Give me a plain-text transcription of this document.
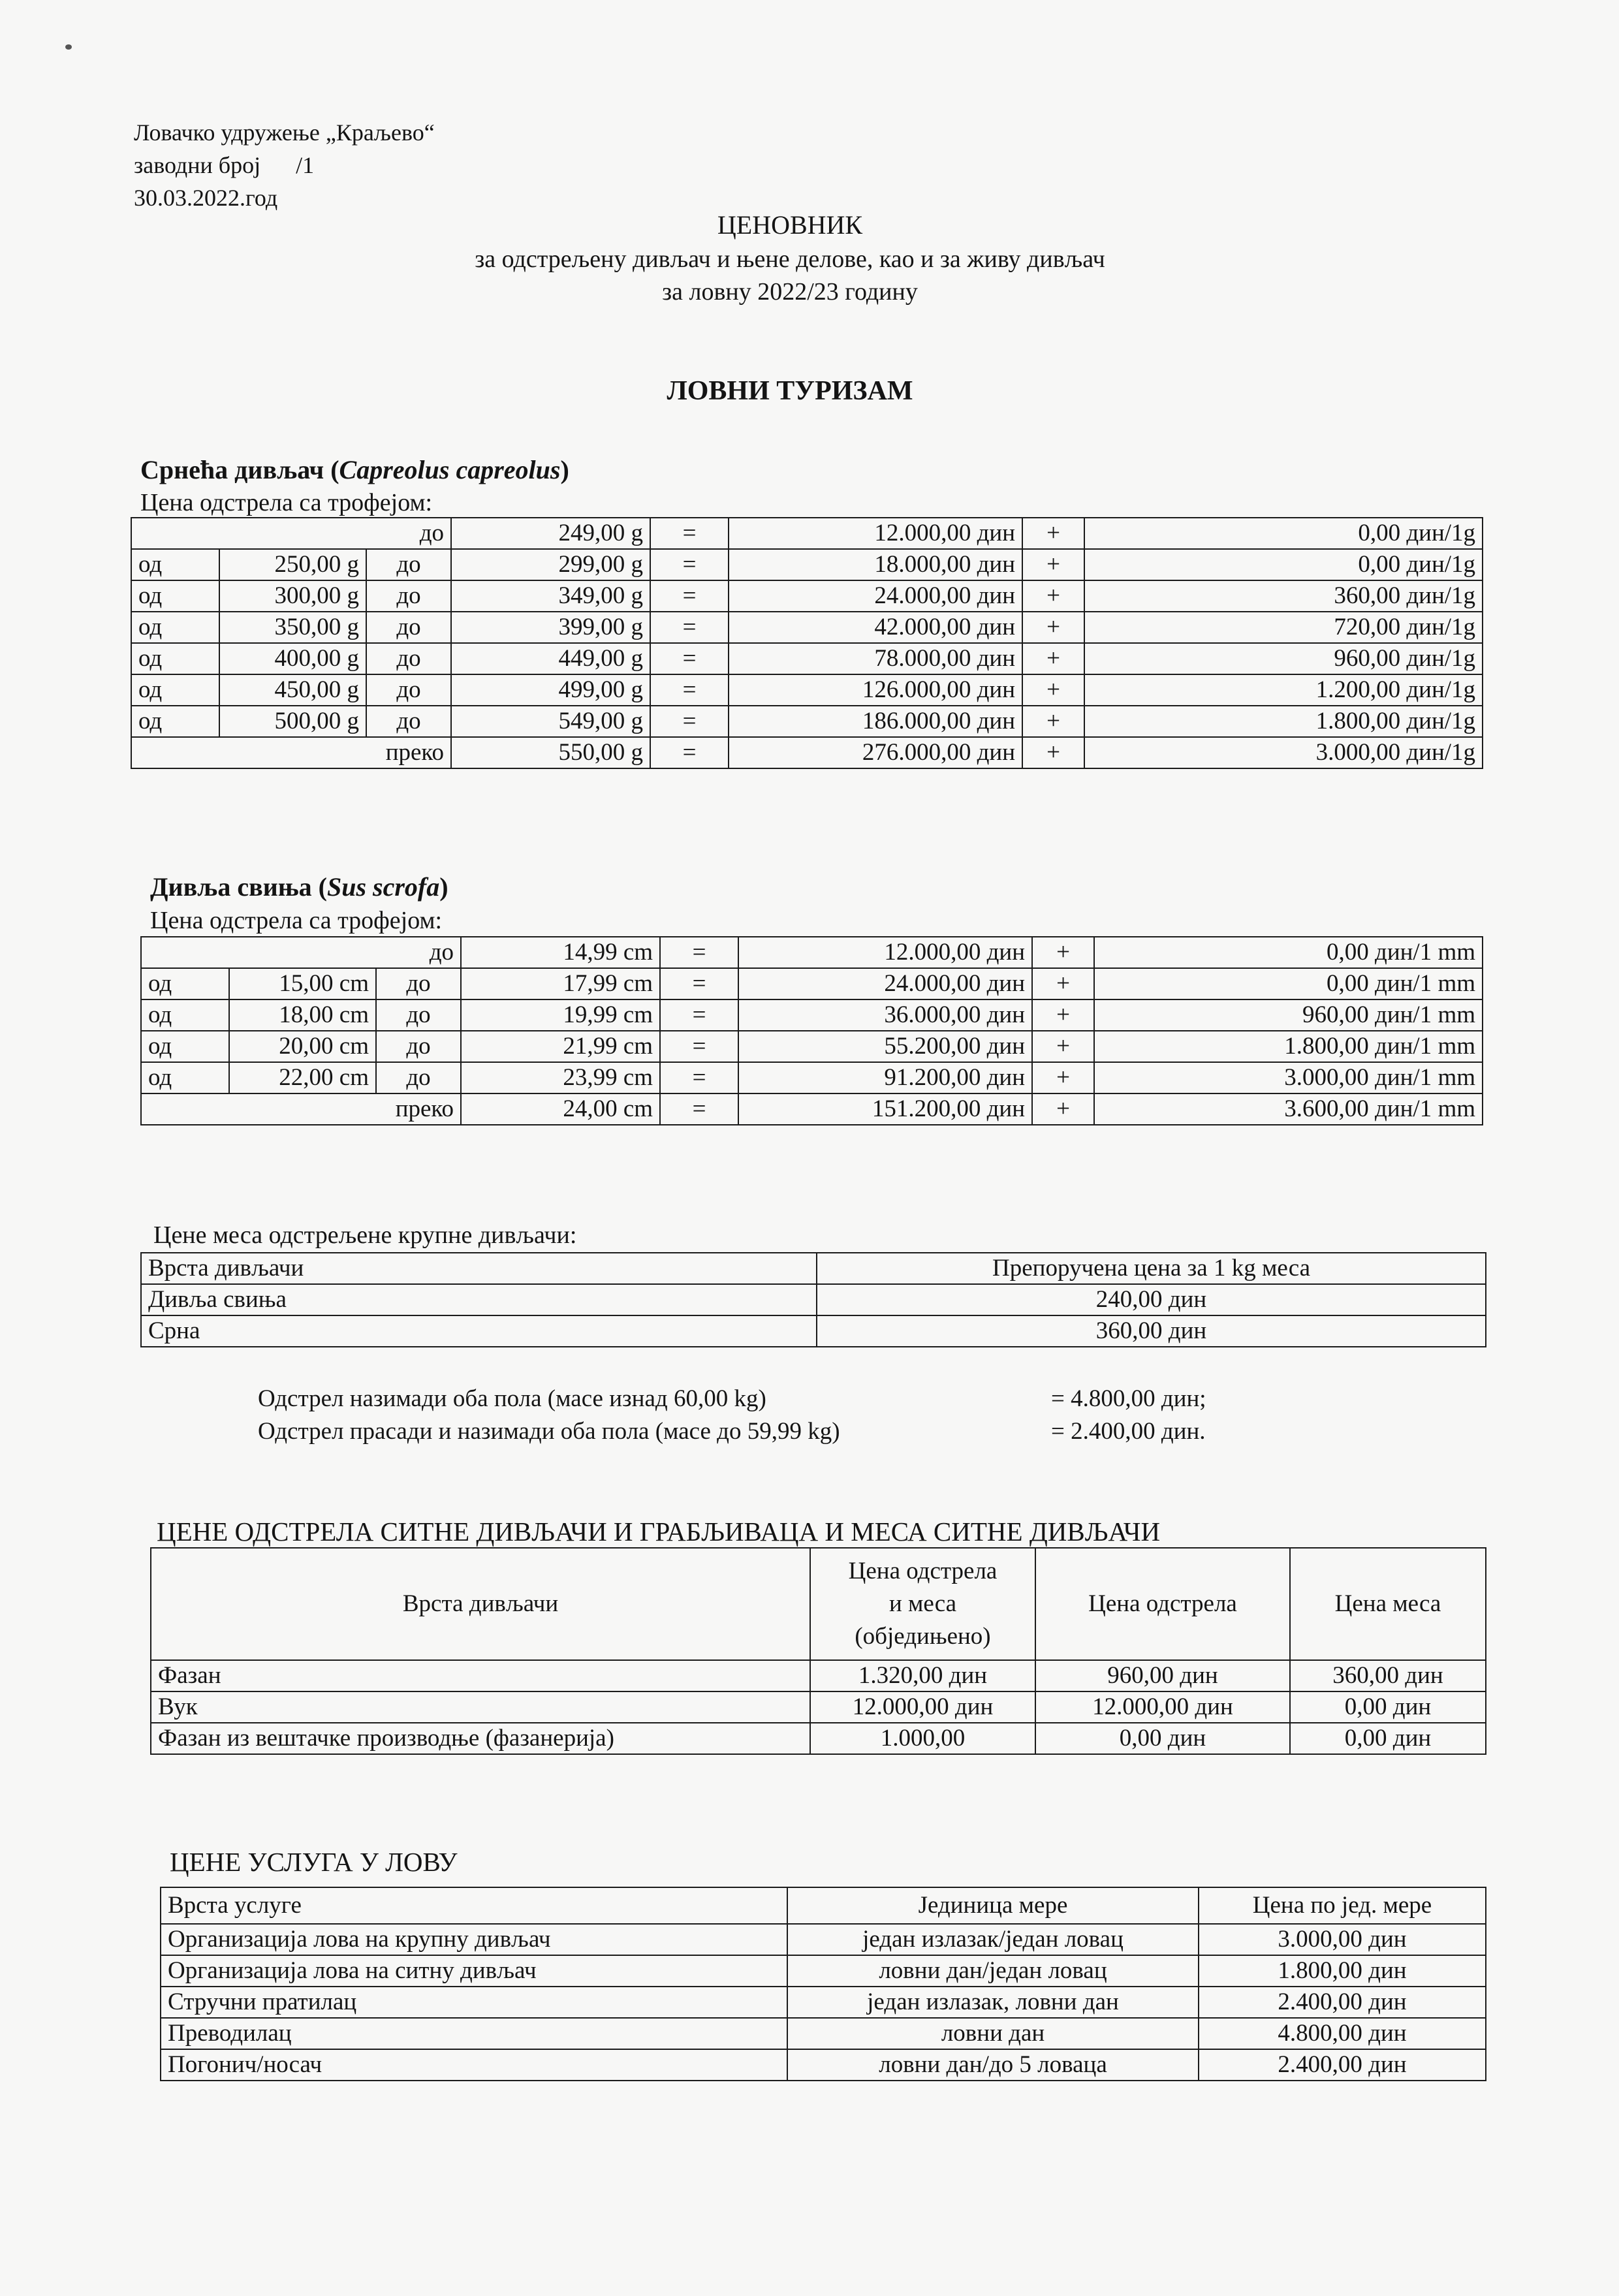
Ловачко удружење „Краљево“
заводни број      /1
30.03.2022.год
ЦЕНОВНИК
за одстрељену дивљач и њене делове, као и за живу дивљач
за ловну 2022/23 годину
ЛОВНИ ТУРИЗАМ
Срнећа дивљач (Capreolus capreolus)
Цена одстрела са трофејом:
до			249,00 g	=	12.000,00 дин	+	0,00 дин/1g
од	250,00 g	до	299,00 g	=	18.000,00 дин	+	0,00 дин/1g
од	300,00 g	до	349,00 g	=	24.000,00 дин	+	360,00 дин/1g
од	350,00 g	до	399,00 g	=	42.000,00 дин	+	720,00 дин/1g
од	400,00 g	до	449,00 g	=	78.000,00 дин	+	960,00 дин/1g
од	450,00 g	до	499,00 g	=	126.000,00 дин	+	1.200,00 дин/1g
од	500,00 g	до	549,00 g	=	186.000,00 дин	+	1.800,00 дин/1g
преко			550,00 g	=	276.000,00 дин	+	3.000,00 дин/1g
Дивља свиња (Sus scrofa)
Цена одстрела са трофејом:
до			14,99 cm	=	12.000,00 дин	+	0,00 дин/1 mm
од	15,00 cm	до	17,99 cm	=	24.000,00 дин	+	0,00 дин/1 mm
од	18,00 cm	до	19,99 cm	=	36.000,00 дин	+	960,00 дин/1 mm
од	20,00 cm	до	21,99 cm	=	55.200,00 дин	+	1.800,00 дин/1 mm
од	22,00 cm	до	23,99 cm	=	91.200,00 дин	+	3.000,00 дин/1 mm
преко			24,00 cm	=	151.200,00 дин	+	3.600,00 дин/1 mm
Цене меса одстрељене крупне дивљачи:
Врста дивљачи	Препоручена цена за 1 kg меса
Дивља свиња	240,00 дин
Срна	360,00 дин
Одстрел назимади оба пола (масе изнад 60,00 kg)	= 4.800,00 дин;
Одстрел прасади и назимади оба пола (масе до 59,99 kg)	= 2.400,00 дин.
ЦЕНЕ ОДСТРЕЛА СИТНЕ ДИВЉАЧИ И ГРАБЉИВАЦА И МЕСА СИТНЕ ДИВЉАЧИ
Врста дивљачи	Цена одстрела
и меса
(обједињено)	Цена одстрела	Цена меса
Фазан	1.320,00 дин	960,00 дин	360,00 дин
Вук	12.000,00 дин	12.000,00 дин	0,00 дин
Фазан из вештачке производње (фазанерија)	1.000,00	0,00 дин	0,00 дин
ЦЕНЕ УСЛУГА У ЛОВУ
Врста услуге	Јединица мере	Цена по јед. мере
Организација лова на крупну дивљач	један излазак/један ловац	3.000,00 дин
Организација лова на ситну дивљач	ловни дан/један ловац	1.800,00 дин
Стручни пратилац	један излазак, ловни дан	2.400,00 дин
Преводилац	ловни дан	4.800,00 дин
Погонич/носач	ловни дан/до 5 ловаца	2.400,00 дин
